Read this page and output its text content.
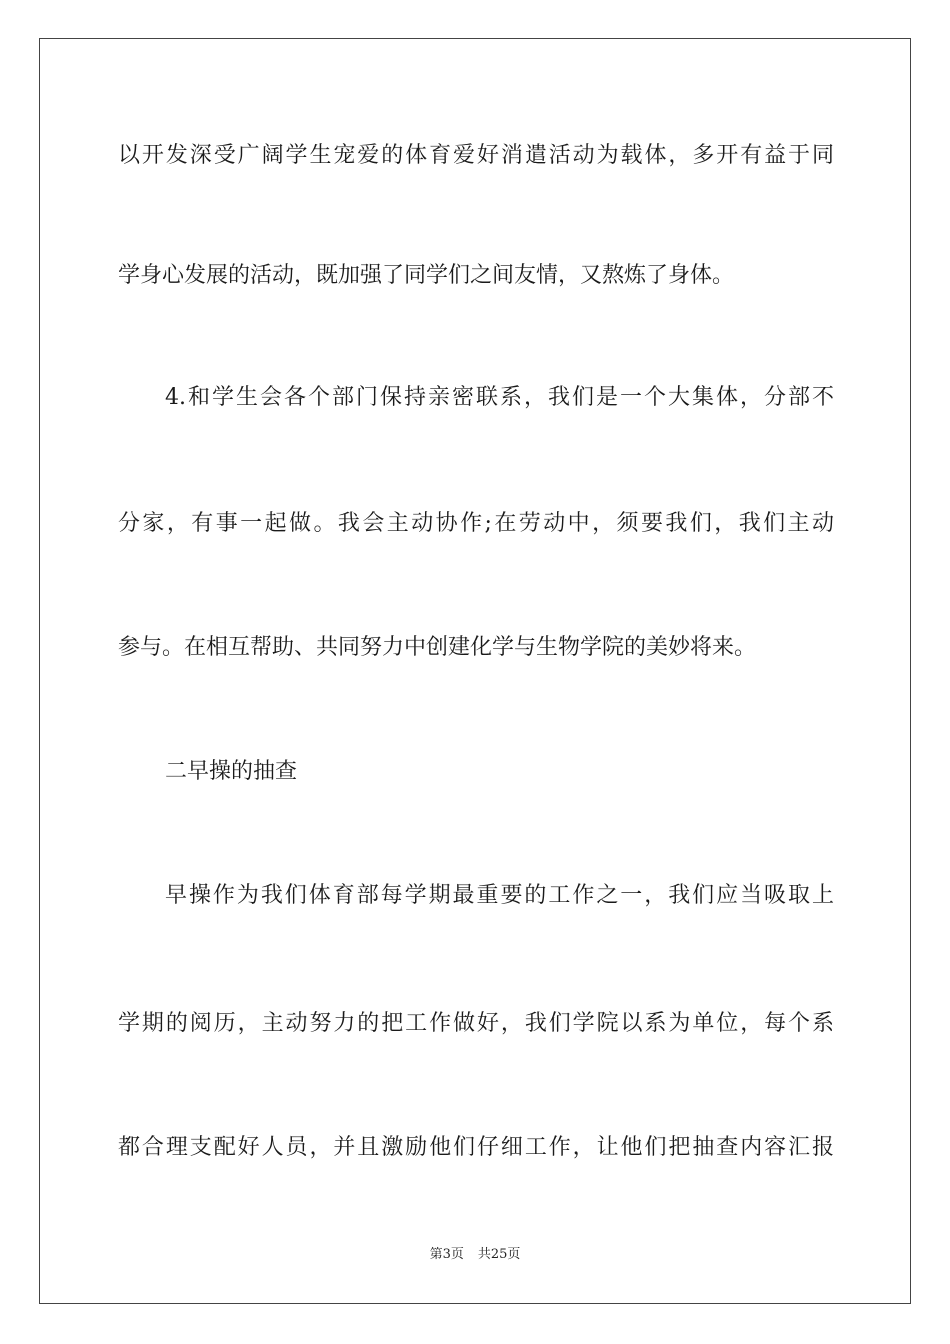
以开发深受广阔学生宠爱的体育爱好消遣活动为载体，多开有益于同
学身心发展的活动，既加强了同学们之间友情，又熬炼了身体。
4.和学生会各个部门保持亲密联系，我们是一个大集体，分部不
分家，有事一起做。我会主动协作;在劳动中，须要我们，我们主动
参与。在相互帮助、共同努力中创建化学与生物学院的美妙将来。
二早操的抽查
早操作为我们体育部每学期最重要的工作之一，我们应当吸取上
学期的阅历，主动努力的把工作做好，我们学院以系为单位，每个系
都合理支配好人员，并且激励他们仔细工作，让他们把抽查内容汇报
第3页 共25页
